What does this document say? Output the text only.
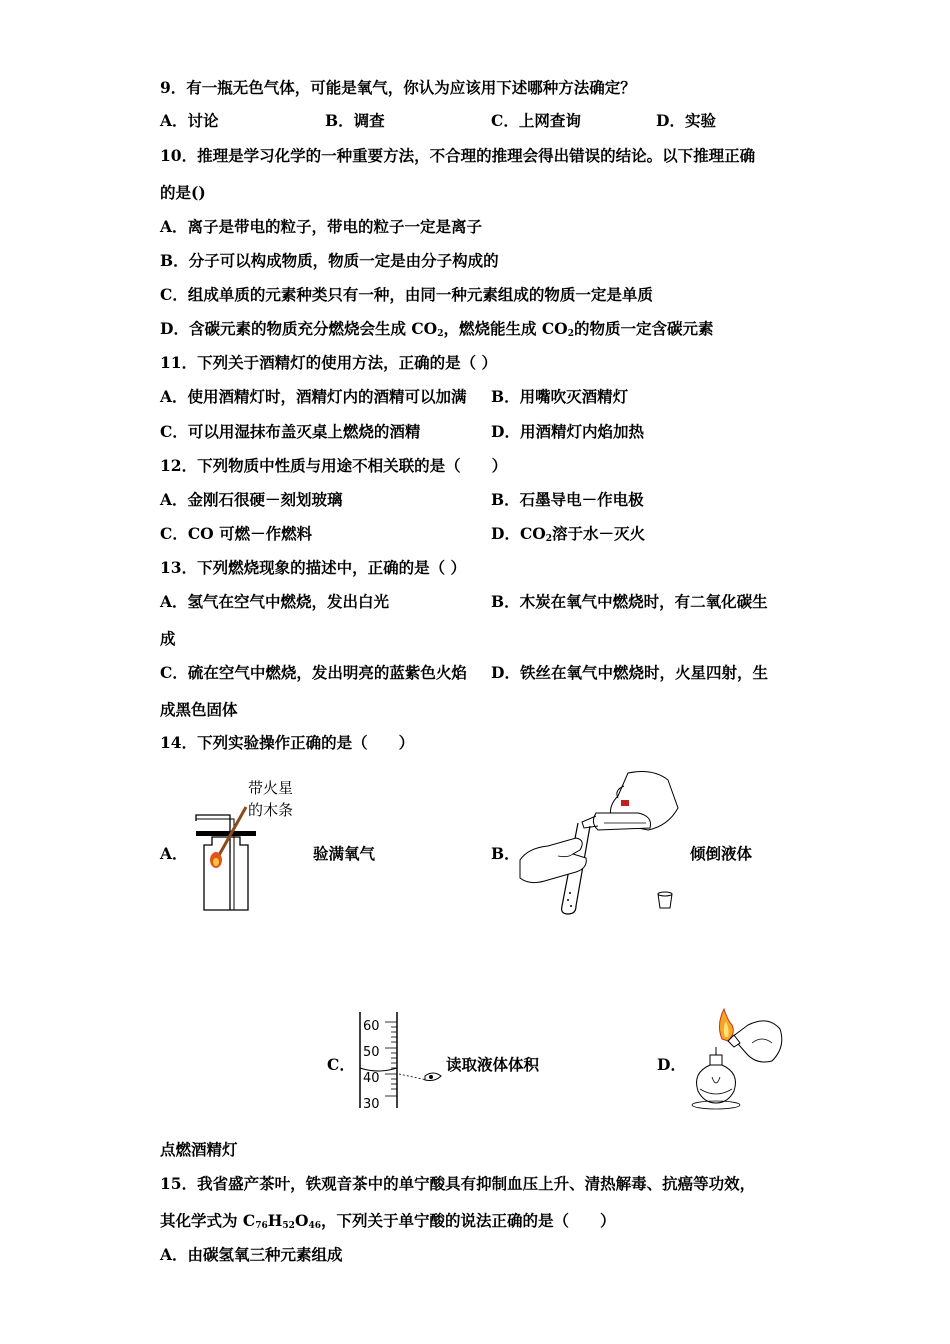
9．有一瓶无色气体，可能是氧气，你认为应该用下述哪种方法确定？
A．讨论	B．调查	C．上网查询	D．实验
10．推理是学习化学的一种重要方法，不合理的推理会得出错误的结论。以下推理正确
的是()
A．离子是带电的粒子，带电的粒子一定是离子
B．分子可以构成物质，物质一定是由分子构成的
C．组成单质的元素种类只有一种，由同一种元素组成的物质一定是单质
D．含碳元素的物质充分燃烧会生成 $CO_2$，燃烧能生成 $CO_2$的物质一定含碳元素
11．下列关于酒精灯的使用方法，正确的是（ ）
A．使用酒精灯时，酒精灯内的酒精可以加满 B．用嘴吹灭酒精灯
C．可以用湿抹布盖灭桌上燃烧的酒精	D．用酒精灯内焰加热
12．下列物质中性质与用途不相关联的是（　　）
A．金刚石很硬－刻划玻璃	B．石墨导电－作电极
C．CO 可燃－作燃料	D．$CO_2$溶于水－灭火
13．下列燃烧现象的描述中，正确的是（ ）
A．氢气在空气中燃烧，发出白光	B．木炭在氧气中燃烧时，有二氧化碳生
成
C．硫在空气中燃烧，发出明亮的蓝紫色火焰 D．铁丝在氧气中燃烧时，火星四射，生
成黑色固体
14．下列实验操作正确的是（　　）
A．
带火星
的木条
验满氧气	B．	倾倒液体
C．
60
50
40
30
读取液体体积	D．
点燃酒精灯
15．我省盛产茶叶，铁观音茶中的单宁酸具有抑制血压上升、清热解毒、抗癌等功效，
其化学式为 $C_{76}H_{52}O_{46}$，下列关于单宁酸的说法正确的是（　　）
A．由碳氢氧三种元素组成
